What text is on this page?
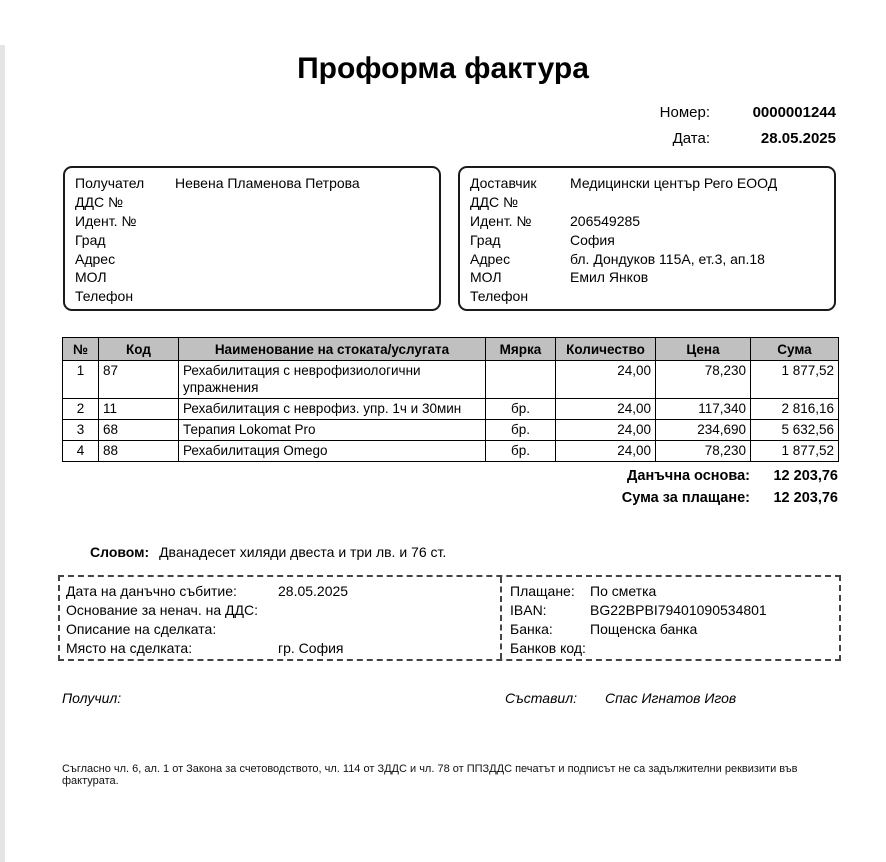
Проформа фактура
Номер:	0000001244
Дата:	28.05.2025
Получател	Невена Пламенова Петрова
ДДС №
Идент. №
Град
Адрес
МОЛ
Телефон
Доставчик	Медицински център Рего ЕООД
ДДС №
Идент. №	206549285
Град	София
Адрес	бл. Дондуков 115А, ет.3, ап.18
МОЛ	Емил Янков
Телефон
№	Код	Наименование на стоката/услугата	Мярка	Количество	Цена	Сума
1	87	Рехабилитация с неврофизиологични упражнения		24,00	78,230	1 877,52
2	11	Рехабилитация с неврофиз. упр. 1ч и 30мин	бр.	24,00	117,340	2 816,16
3	68	Терапия Lokomat Pro	бр.	24,00	234,690	5 632,56
4	88	Рехабилитация Omego	бр.	24,00	78,230	1 877,52
Данъчна основа:	12 203,76
Сума за плащане:	12 203,76
Словом: Дванадесет хиляди двеста и три лв. и 76 ст.
Дата на данъчно събитие:	28.05.2025
Основание за ненач. на ДДС:
Описание на сделката:
Място на сделката:	гр. София
Плащане:	По сметка
IBAN:	BG22BPBI79401090534801
Банка:	Пощенска банка
Банков код:
Получил:	Съставил: Спас Игнатов Игов
Съгласно чл. 6, ал. 1 от Закона за счетоводството, чл. 114 от ЗДДС и чл. 78 от ППЗДДС печатът и подписът не са задължителни реквизити във фактурата.
